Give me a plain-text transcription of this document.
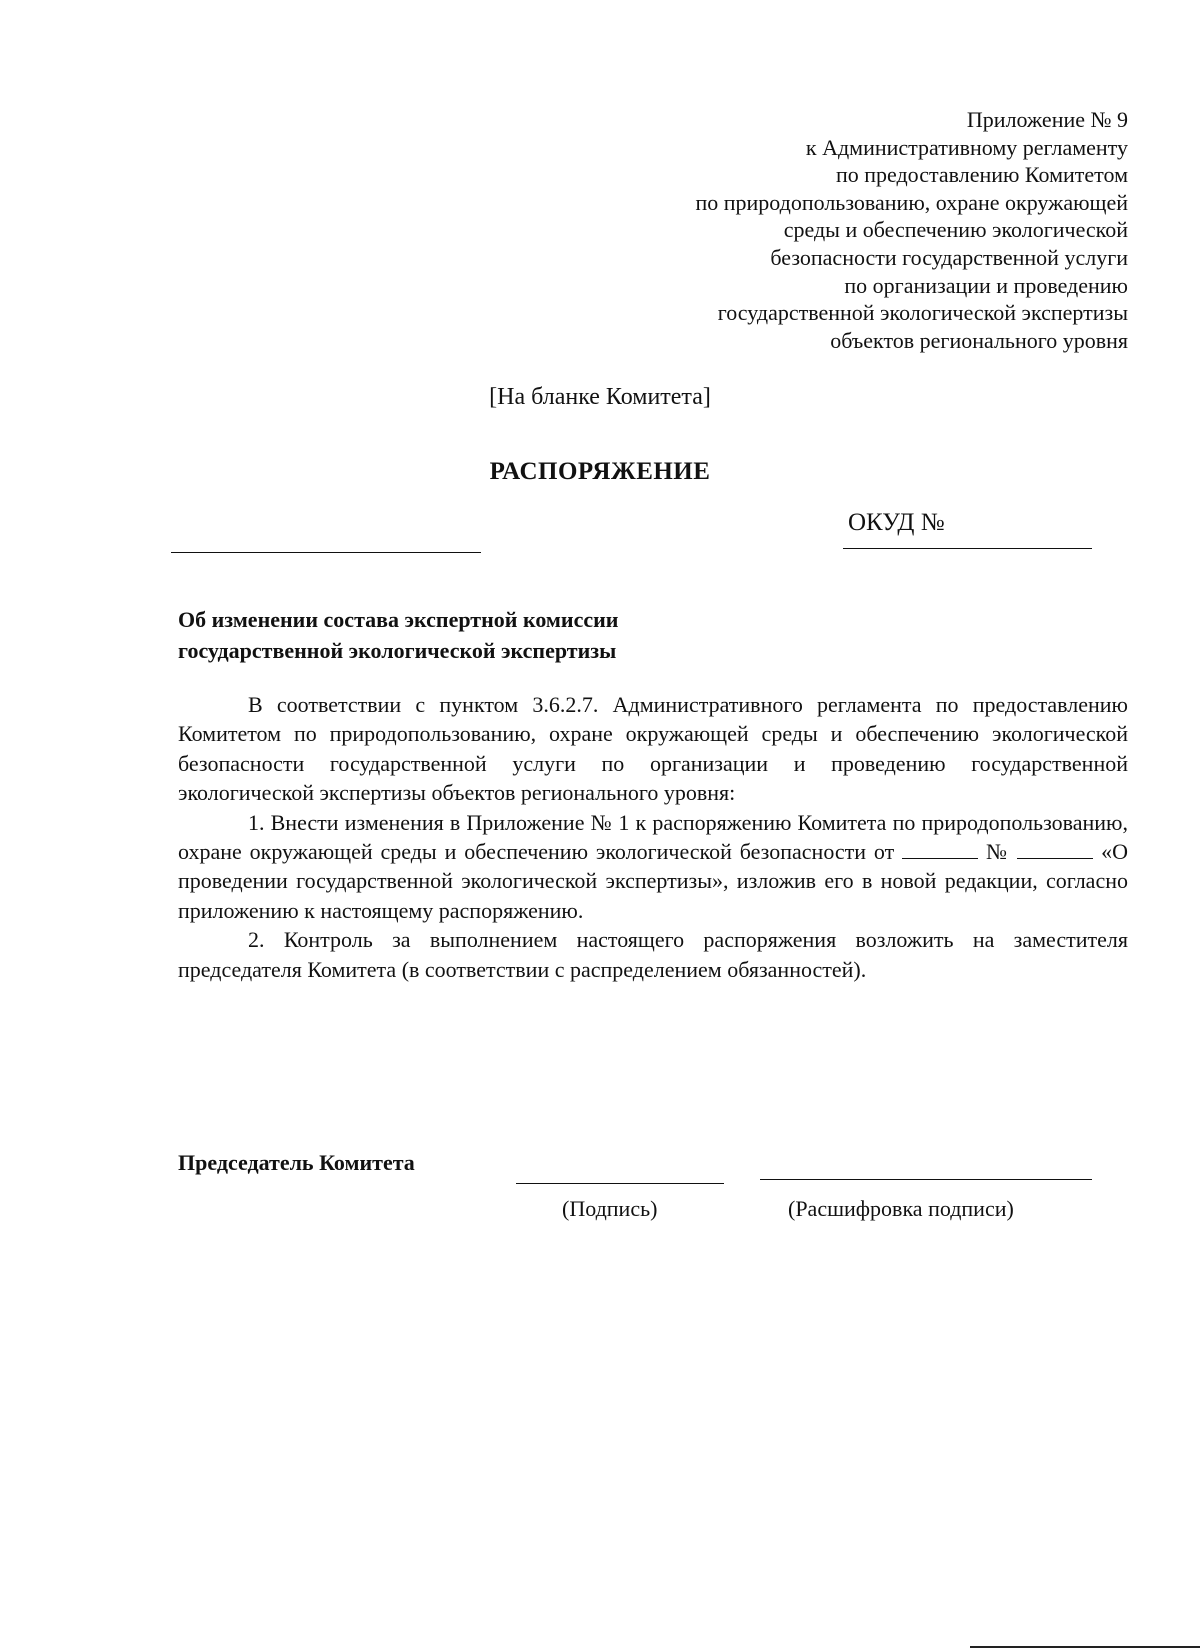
Приложение № 9
к Административному регламенту
по предоставлению Комитетом
по природопользованию, охране окружающей
среды и обеспечению экологической
безопасности государственной услуги
по организации и проведению
государственной экологической экспертизы
объектов регионального уровня
[На бланке Комитета]
РАСПОРЯЖЕНИЕ
ОКУД №
Об изменении состава экспертной комиссии
государственной экологической экспертизы

В соответствии с пунктом 3.6.2.7. Административного регламента по предоставлению Комитетом по природопользованию, охране окружающей среды и обеспечению экологической безопасности государственной услуги по организации и проведению государственной экологической экспертизы объектов регионального уровня:

1. Внести изменения в Приложение № 1 к распоряжению Комитета по природопользованию, охране окружающей среды и обеспечению экологической безопасности от	№	«О проведении государственной экологической экспертизы», изложив его в новой редакции, согласно приложению к настоящему распоряжению.

2. Контроль за выполнением настоящего распоряжения возложить на заместителя председателя Комитета (в соответствии с распределением обязанностей).

Председатель Комитета
(Подпись)	(Расшифровка подписи)
